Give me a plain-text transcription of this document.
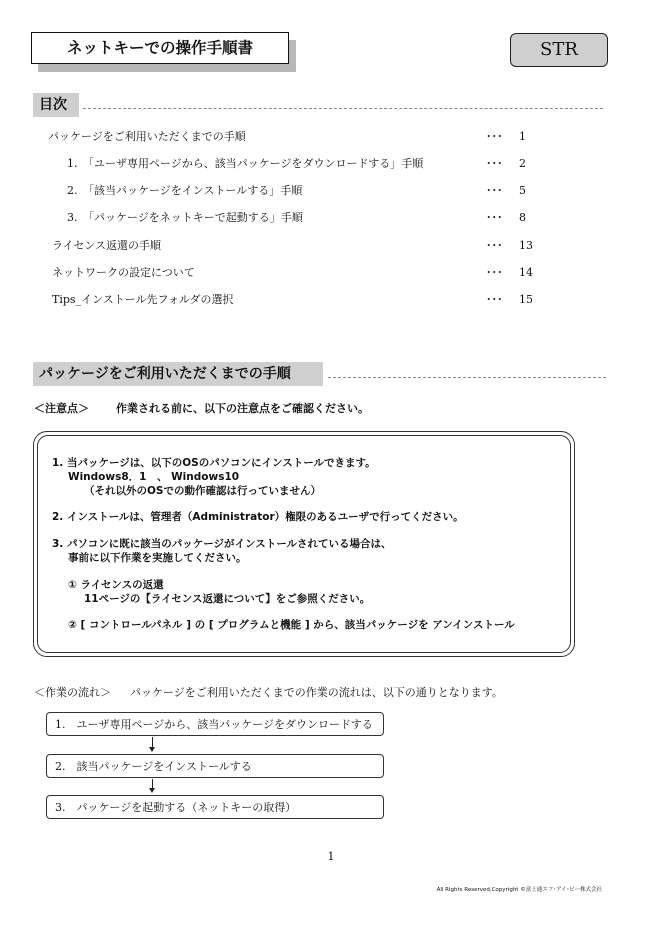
ネットキーでの操作手順書	STR
目次
パッケージをご利用いただくまでの手順	･･･	1
1.　「ユーザ専用ページから、該当パッケージをダウンロードする」手順	･･･	2
2.　「該当パッケージをインストールする」手順	･･･	5
3.　「パッケージをネットキーで起動する」手順	･･･	8
ライセンス返還の手順	･･･	13
ネットワークの設定について	･･･	14
Tips_インストール先フォルダの選択	･･･	15
パッケージをご利用いただくまでの手順
＜注意点＞ 作業される前に、以下の注意点をご確認ください。
1. 当パッケージは、以下のOSのパソコンにインストールできます。
Windows8．1　、 Windows10
（それ以外のOSでの動作確認は行っていません）
2. インストールは、管理者（Administrator）権限のあるユーザで行ってください。
3. パソコンに既に該当のパッケージがインストールされている場合は、
事前に以下作業を実施してください。
① ライセンスの返還
11ページの【ライセンス返還について】をご参照ください。
② [ コントロールパネル ] の [ プログラムと機能 ] から、該当パッケージを アンインストール
＜作業の流れ＞ パッケージをご利用いただくまでの作業の流れは、以下の通りとなります。
1.　ユーザ専用ページから、該当パッケージをダウンロードする
2.　該当パッケージをインストールする
3.　パッケージを起動する（ネットキーの取得）
1
All Rights Reserved,Copyright ©富士通エフ･アイ･ピー株式会社
